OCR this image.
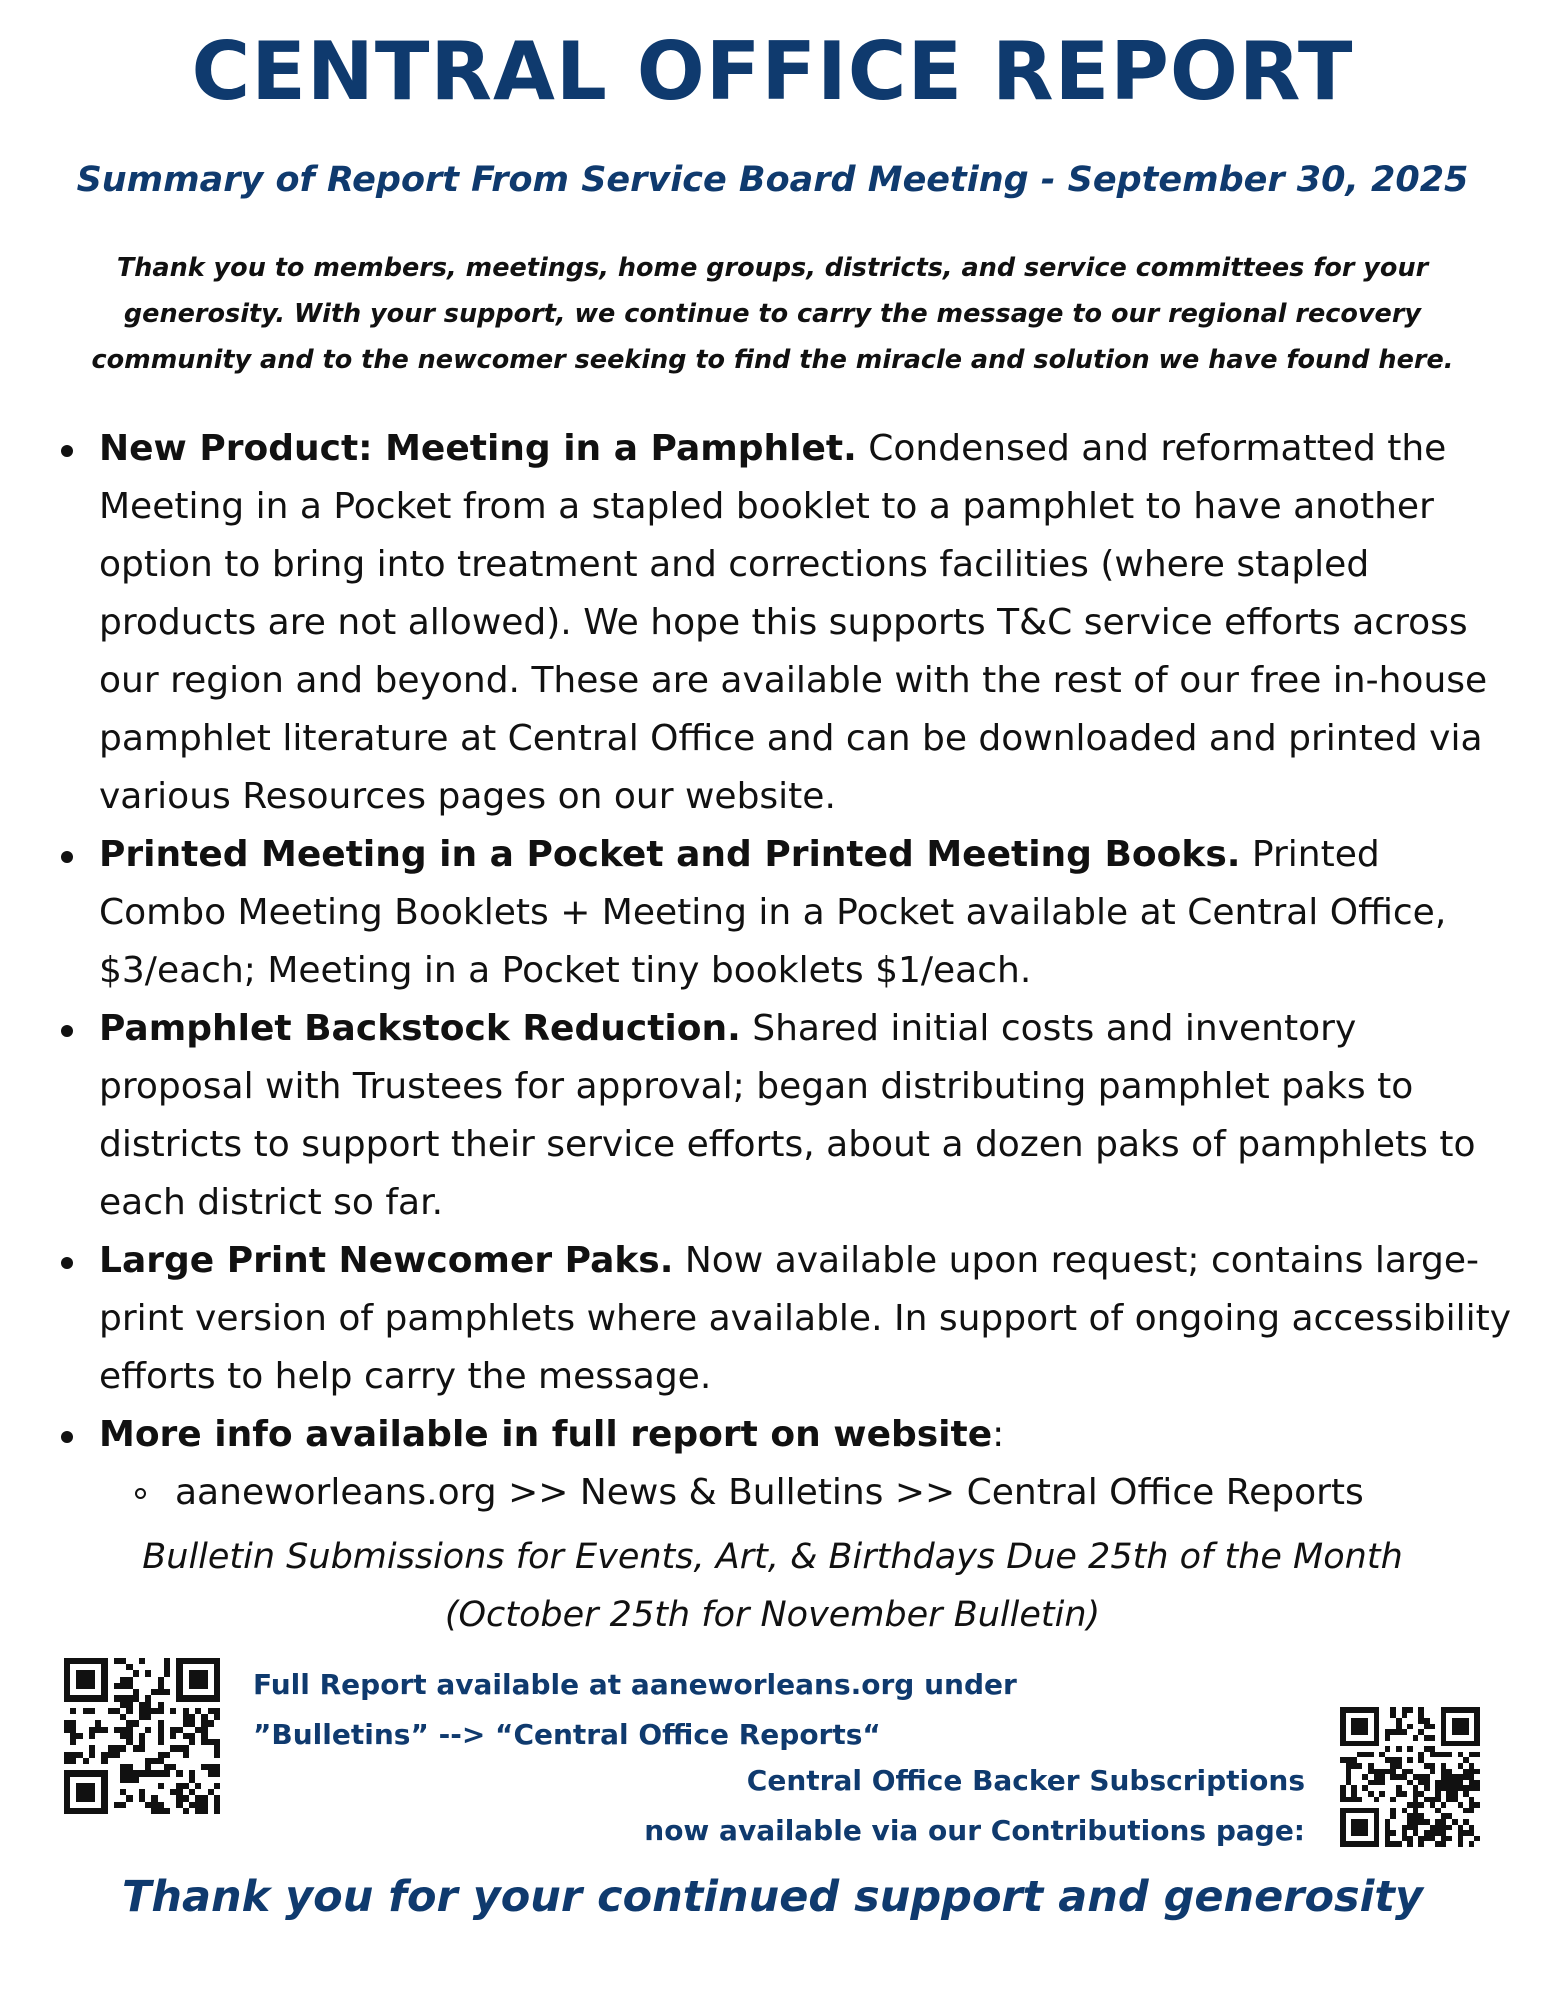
CENTRAL OFFICE REPORT
Summary of Report From Service Board Meeting - September 30, 2025
Thank you to members, meetings, home groups, districts, and service committees for your generosity. With your support, we continue to carry the message to our regional recovery community and to the newcomer seeking to find the miracle and solution we have found here.
New Product: Meeting in a Pamphlet. Condensed and reformatted the Meeting in a Pocket from a stapled booklet to a pamphlet to have another option to bring into treatment and corrections facilities (where stapled products are not allowed). We hope this supports T&C service efforts across our region and beyond. These are available with the rest of our free in-house pamphlet literature at Central Office and can be downloaded and printed via various Resources pages on our website.
Printed Meeting in a Pocket and Printed Meeting Books. Printed Combo Meeting Booklets + Meeting in a Pocket available at Central Office, $3/each; Meeting in a Pocket tiny booklets $1/each.
Pamphlet Backstock Reduction. Shared initial costs and inventory proposal with Trustees for approval; began distributing pamphlet paks to districts to support their service efforts, about a dozen paks of pamphlets to each district so far.
Large Print Newcomer Paks. Now available upon request; contains large-print version of pamphlets where available. In support of ongoing accessibility efforts to help carry the message.
More info available in full report on website:
aaneworleans.org >> News & Bulletins >> Central Office Reports
Bulletin Submissions for Events, Art, & Birthdays Due 25th of the Month
(October 25th for November Bulletin)
Full Report available at aaneworleans.org under
”Bulletins” --> “Central Office Reports“
Central Office Backer Subscriptions
now available via our Contributions page:
Thank you for your continued support and generosity
